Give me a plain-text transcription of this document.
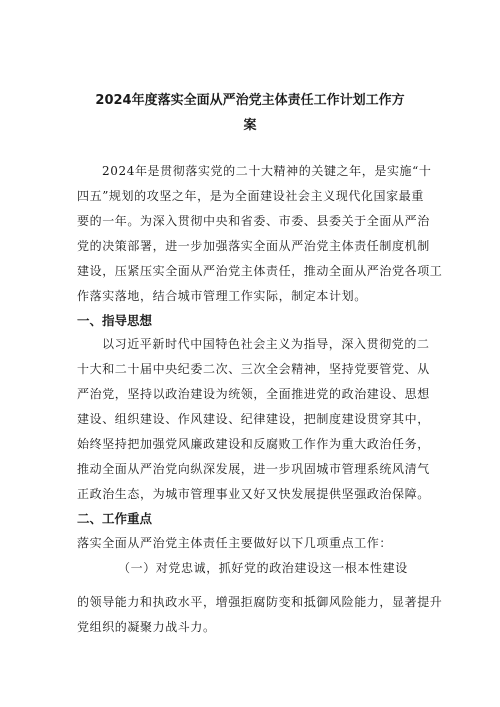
2024年度落实全面从严治党主体责任工作计划工作方
案
2024年是贯彻落实党的二十大精神的关键之年，是实施“十
四五”规划的攻坚之年，是为全面建设社会主义现代化国家最重
要的一年。为深入贯彻中央和省委、市委、县委关于全面从严治
党的决策部署，进一步加强落实全面从严治党主体责任制度机制
建设，压紧压实全面从严治党主体责任，推动全面从严治党各项工
作落实落地，结合城市管理工作实际，制定本计划。
一、指导思想
以习近平新时代中国特色社会主义为指导，深入贯彻党的二
十大和二十届中央纪委二次、三次全会精神，坚持党要管党、从
严治党，坚持以政治建设为统领，全面推进党的政治建设、思想
建设、组织建设、作风建设、纪律建设，把制度建设贯穿其中，
始终坚持把加强党风廉政建设和反腐败工作作为重大政治任务，
推动全面从严治党向纵深发展，进一步巩固城市管理系统风清气
正政治生态，为城市管理事业又好又快发展提供坚强政治保障。
二、工作重点
落实全面从严治党主体责任主要做好以下几项重点工作：
（一）对党忠诚，抓好党的政治建设这一根本性建设
的领导能力和执政水平，增强拒腐防变和抵御风险能力，显著提升
党组织的凝聚力战斗力。
